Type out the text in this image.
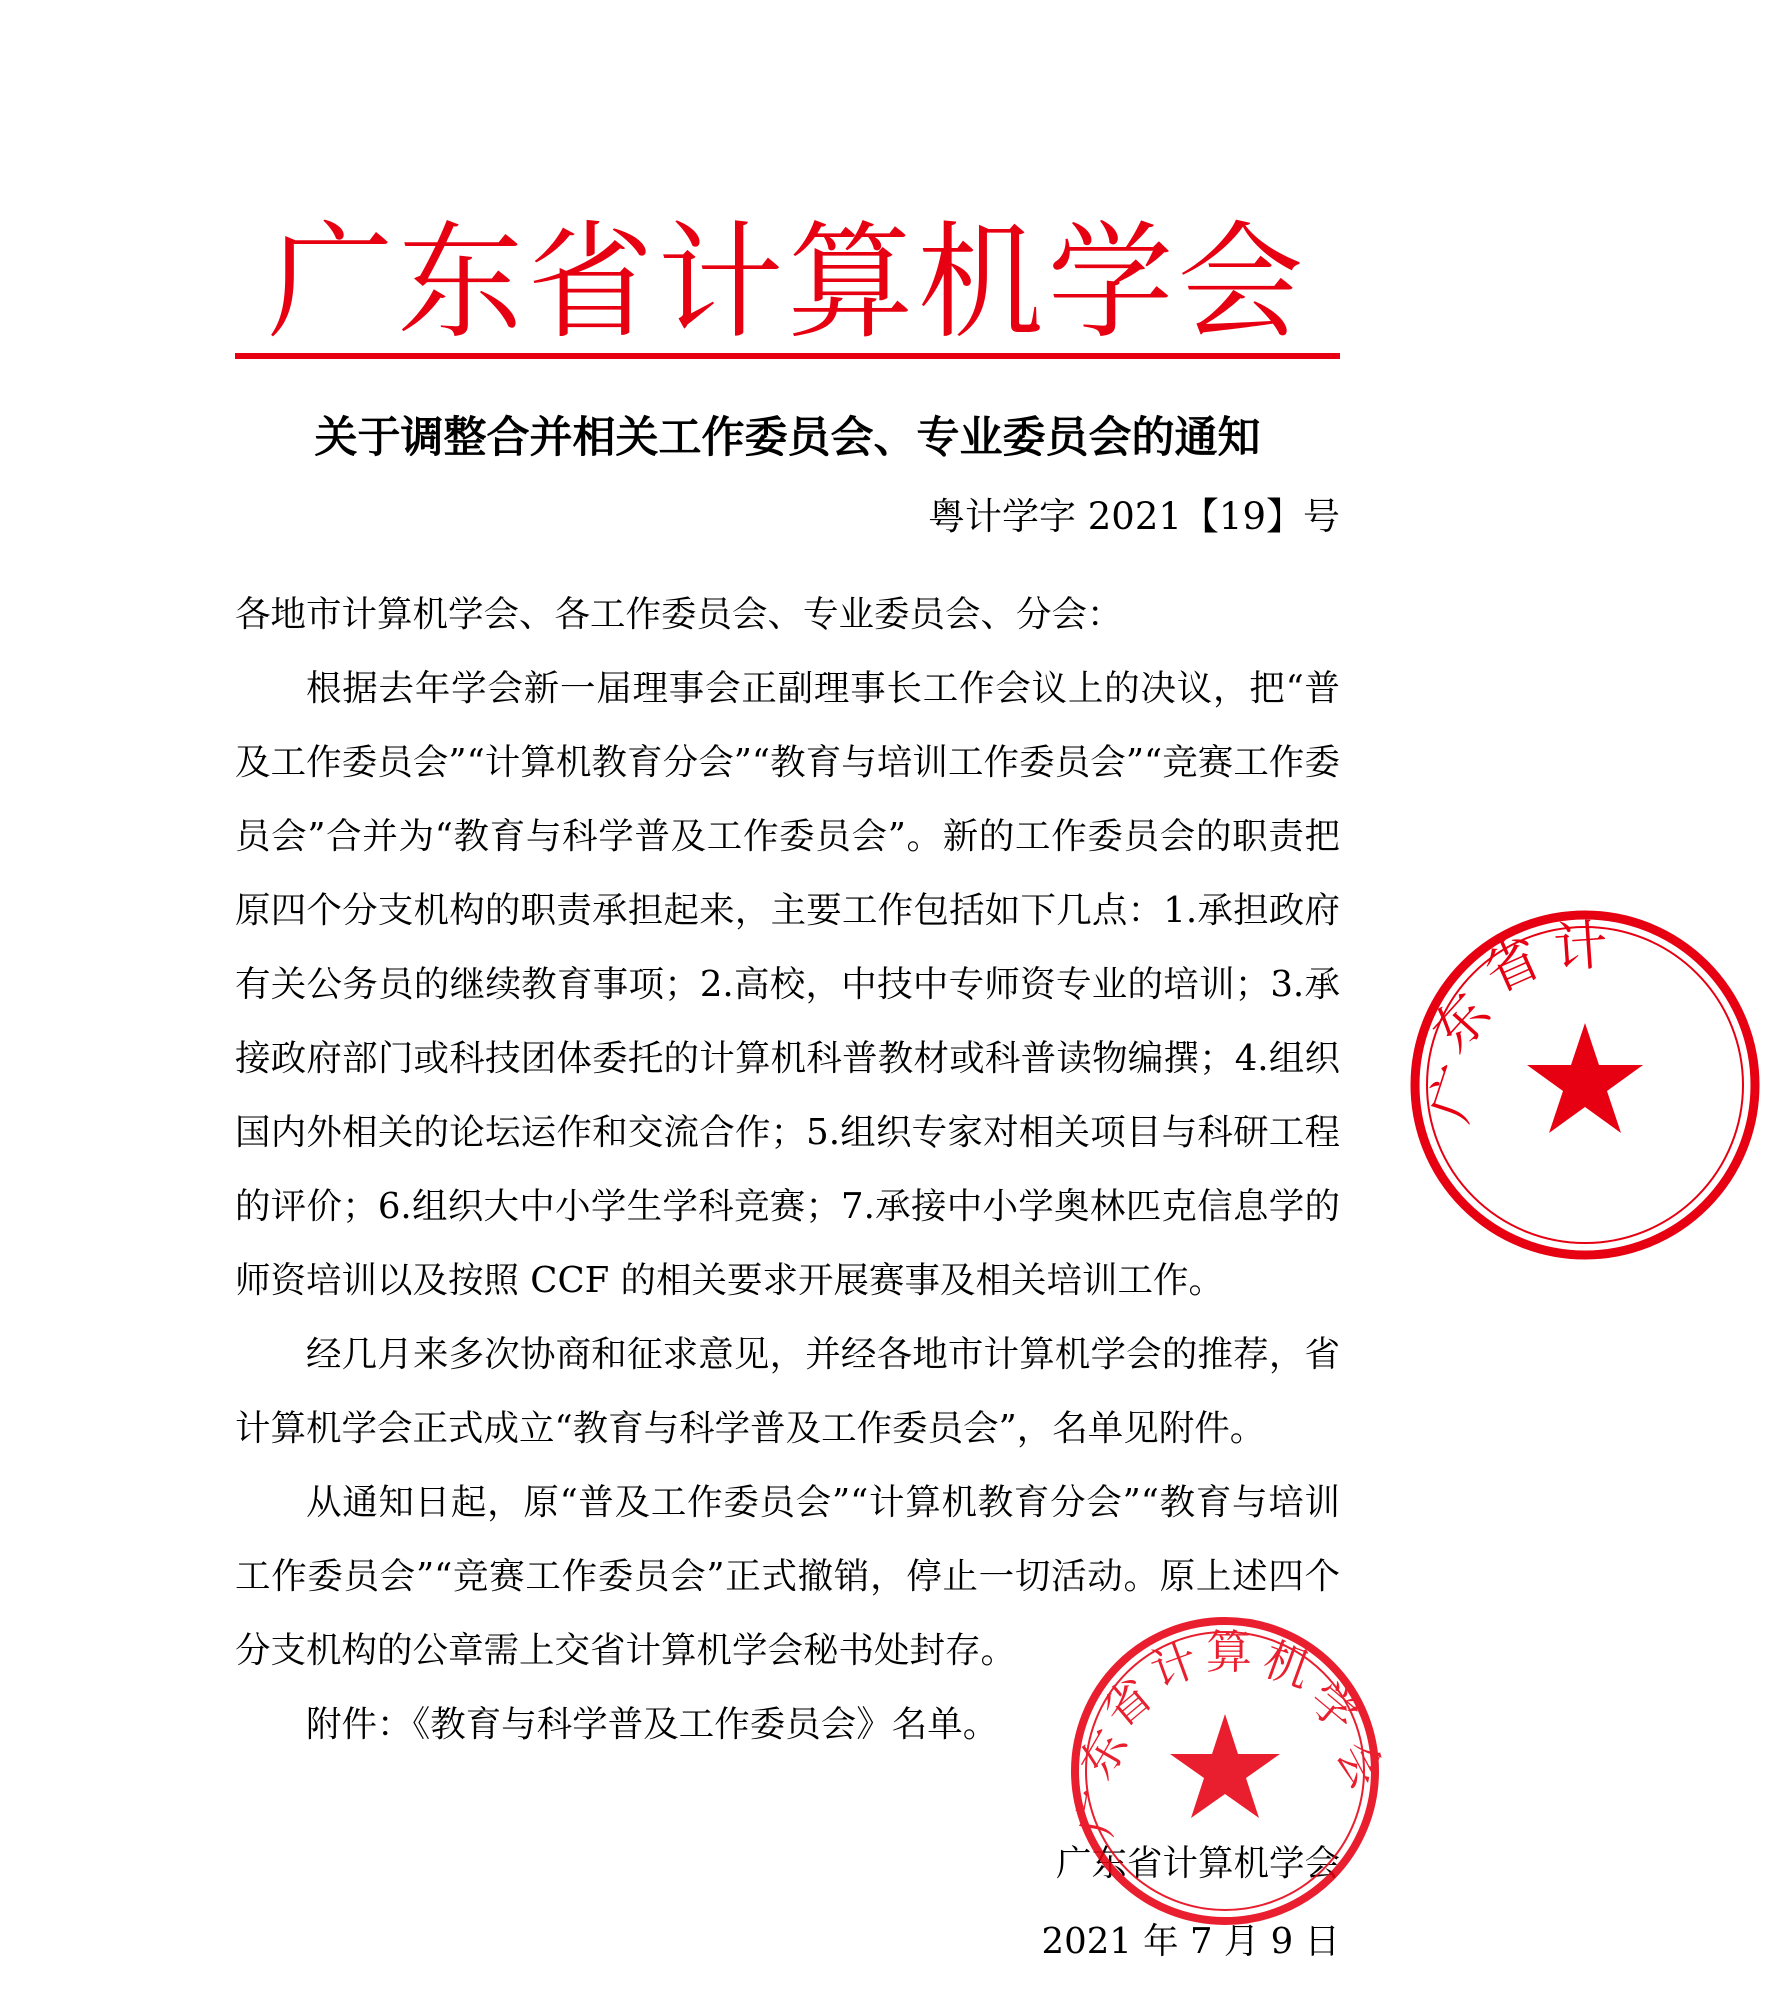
广东省计算机学会
关于调整合并相关工作委员会、专业委员会的通知
粤计学字 2021【19】号

各地市计算机学会、各工作委员会、专业委员会、分会：

根据去年学会新一届理事会正副理事长工作会议上的决议，把“普及工作委员会”“计算机教育分会”“教育与培训工作委员会”“竞赛工作委员会”合并为“教育与科学普及工作委员会”。新的工作委员会的职责把原四个分支机构的职责承担起来，主要工作包括如下几点：1.承担政府有关公务员的继续教育事项；2.高校，中技中专师资专业的培训；3.承接政府部门或科技团体委托的计算机科普教材或科普读物编撰；4.组织国内外相关的论坛运作和交流合作；5.组织专家对相关项目与科研工程的评价；6.组织大中小学生学科竞赛；7.承接中小学奥林匹克信息学的师资培训以及按照 CCF 的相关要求开展赛事及相关培训工作。

经几月来多次协商和征求意见，并经各地市计算机学会的推荐，省计算机学会正式成立“教育与科学普及工作委员会”，名单见附件。

从通知日起，原“普及工作委员会”“计算机教育分会”“教育与培训工作委员会”“竞赛工作委员会”正式撤销，停止一切活动。原上述四个分支机构的公章需上交省计算机学会秘书处封存。

附件：《教育与科学普及工作委员会》名单。

广东省计算机学会
2021 年 7 月 9 日
广
东
省 计
广
东
省
计 算 机
学
会
